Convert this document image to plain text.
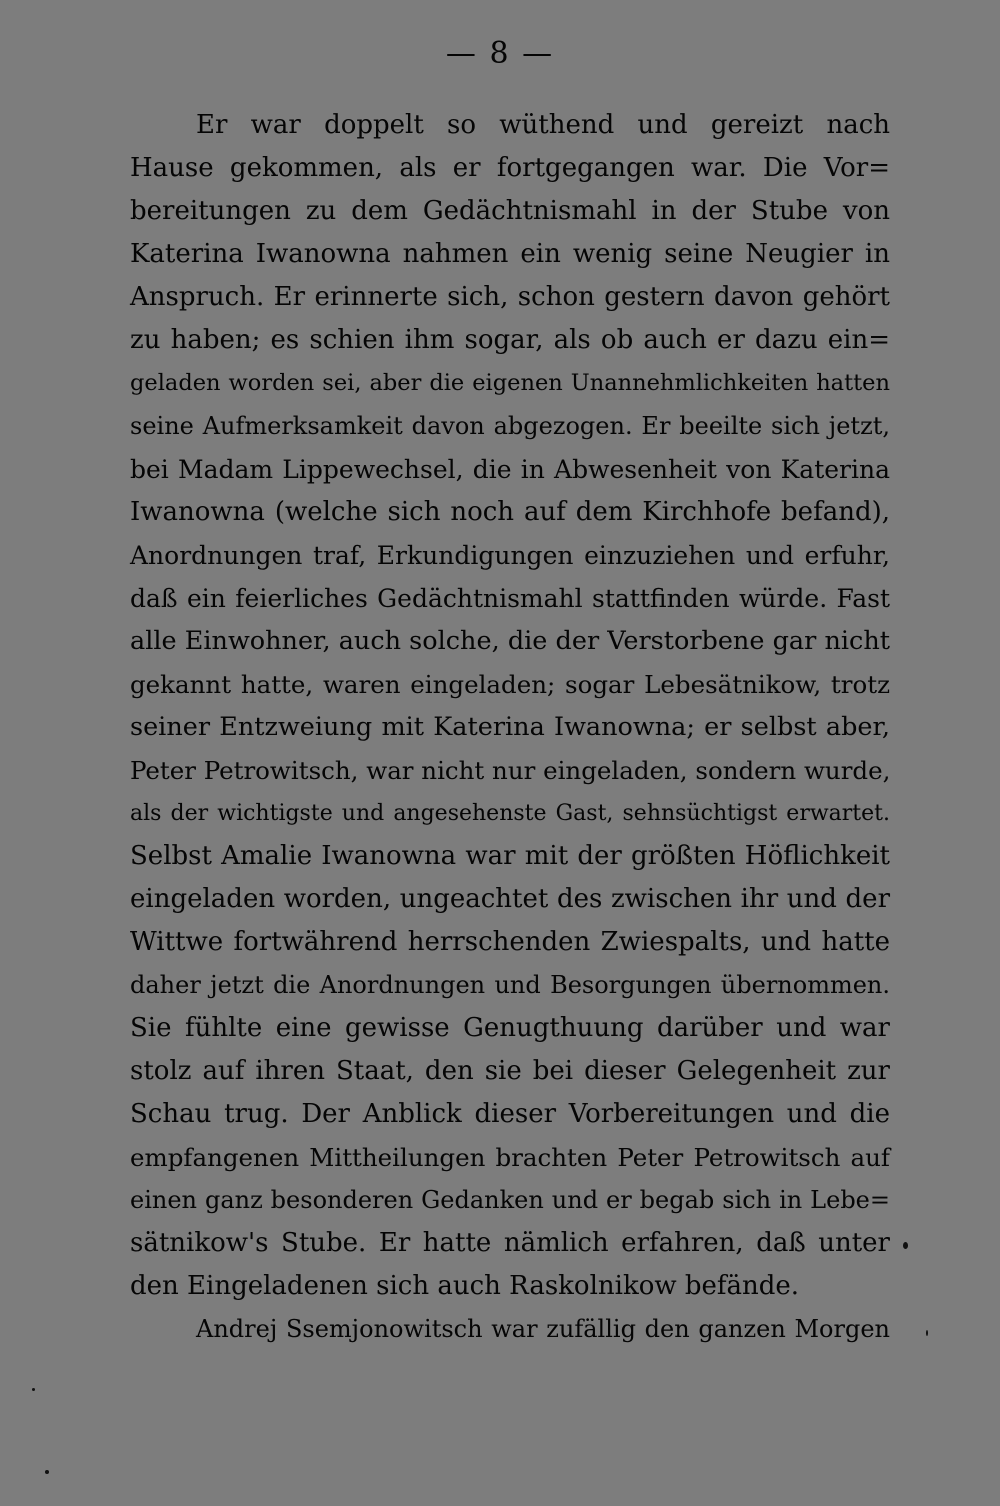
— 8 —
Er war doppelt so wüthend und gereizt nach
Hause gekommen, als er fortgegangen war. Die Vor=
bereitungen zu dem Gedächtnismahl in der Stube von
Katerina Iwanowna nahmen ein wenig seine Neugier in
Anspruch. Er erinnerte sich, schon gestern davon gehört
zu haben; es schien ihm sogar, als ob auch er dazu ein=
geladen worden sei, aber die eigenen Unannehmlichkeiten hatten
seine Aufmerksamkeit davon abgezogen. Er beeilte sich jetzt,
bei Madam Lippewechsel, die in Abwesenheit von Katerina
Iwanowna (welche sich noch auf dem Kirchhofe befand),
Anordnungen traf, Erkundigungen einzuziehen und erfuhr,
daß ein feierliches Gedächtnismahl stattfinden würde. Fast
alle Einwohner, auch solche, die der Verstorbene gar nicht
gekannt hatte, waren eingeladen; sogar Lebesätnikow, trotz
seiner Entzweiung mit Katerina Iwanowna; er selbst aber,
Peter Petrowitsch, war nicht nur eingeladen, sondern wurde,
als der wichtigste und angesehenste Gast, sehnsüchtigst erwartet.
Selbst Amalie Iwanowna war mit der größten Höflichkeit
eingeladen worden, ungeachtet des zwischen ihr und der
Wittwe fortwährend herrschenden Zwiespalts, und hatte
daher jetzt die Anordnungen und Besorgungen übernommen.
Sie fühlte eine gewisse Genugthuung darüber und war
stolz auf ihren Staat, den sie bei dieser Gelegenheit zur
Schau trug. Der Anblick dieser Vorbereitungen und die
empfangenen Mittheilungen brachten Peter Petrowitsch auf
einen ganz besonderen Gedanken und er begab sich in Lebe=
sätnikow's Stube. Er hatte nämlich erfahren, daß unter
den Eingeladenen sich auch Raskolnikow befände.
Andrej Ssemjonowitsch war zufällig den ganzen Morgen
